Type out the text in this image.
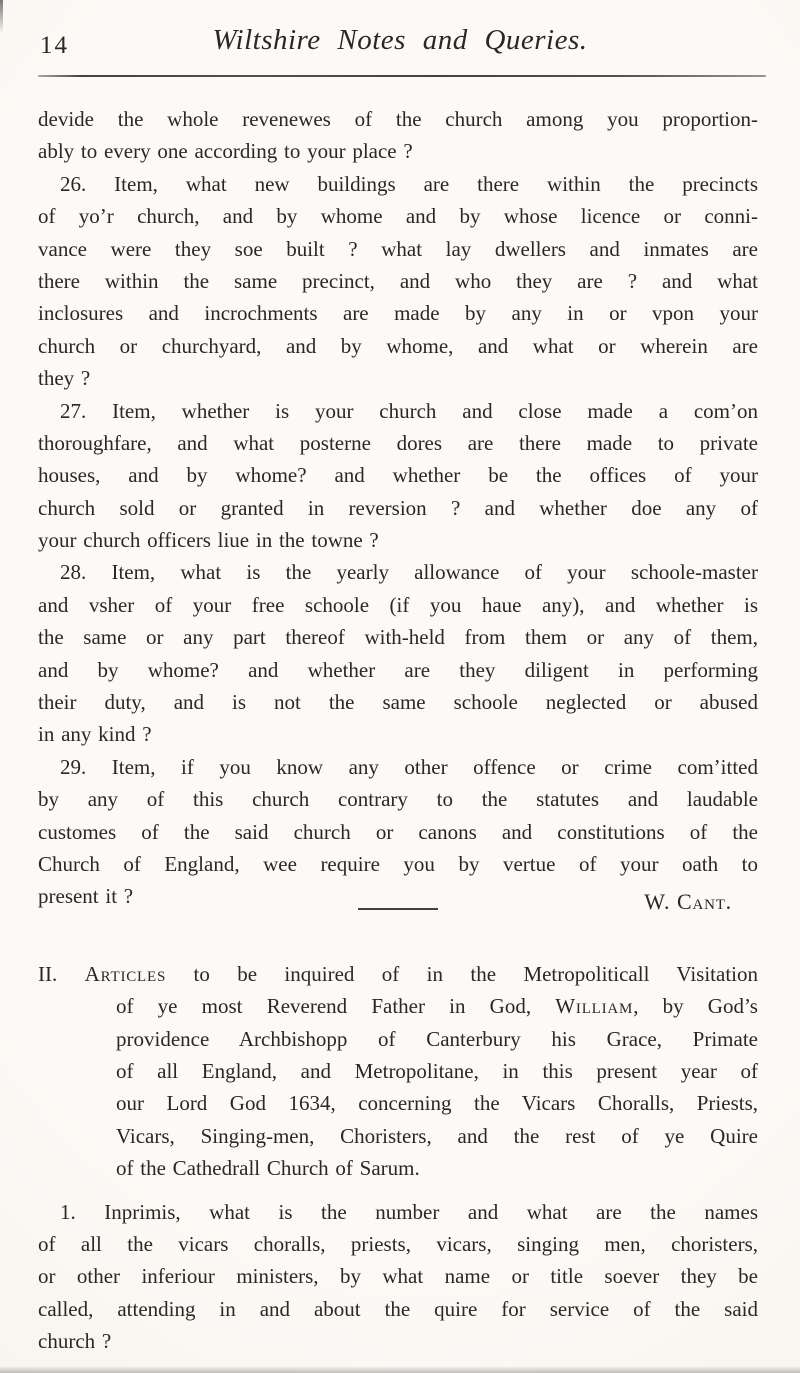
14	Wiltshire Notes and Queries.
devide the whole revenewes of the church among you proportion-
ably to every one according to your place ?
26. Item, what new buildings are there within the precincts
of yo’r church, and by whome and by whose licence or conni-
vance were they soe built ? what lay dwellers and inmates are
there within the same precinct, and who they are ? and what
inclosures and incrochments are made by any in or vpon your
church or churchyard, and by whome, and what or wherein are
they ?
27. Item, whether is your church and close made a com’on
thoroughfare, and what posterne dores are there made to private
houses, and by whome? and whether be the offices of your
church sold or granted in reversion ? and whether doe any of
your church officers liue in the towne ?
28. Item, what is the yearly allowance of your schoole-master
and vsher of your free schoole (if you haue any), and whether is
the same or any part thereof with-held from them or any of them,
and by whome? and whether are they diligent in performing
their duty, and is not the same schoole neglected or abused
in any kind ?
29. Item, if you know any other offence or crime com’itted
by any of this church contrary to the statutes and laudable
customes of the said church or canons and constitutions of the
Church of England, wee require you by vertue of your oath to
present it ?	W. Cant.
II. Articles to be inquired of in the Metropoliticall Visitation
of ye most Reverend Father in God, William, by God’s
providence Archbishopp of Canterbury his Grace, Primate
of all England, and Metropolitane, in this present year of
our Lord God 1634, concerning the Vicars Choralls, Priests,
Vicars, Singing-men, Choristers, and the rest of ye Quire
of the Cathedrall Church of Sarum.
1. Inprimis, what is the number and what are the names
of all the vicars choralls, priests, vicars, singing men, choristers,
or other inferiour ministers, by what name or title soever they be
called, attending in and about the quire for service of the said
church ?
